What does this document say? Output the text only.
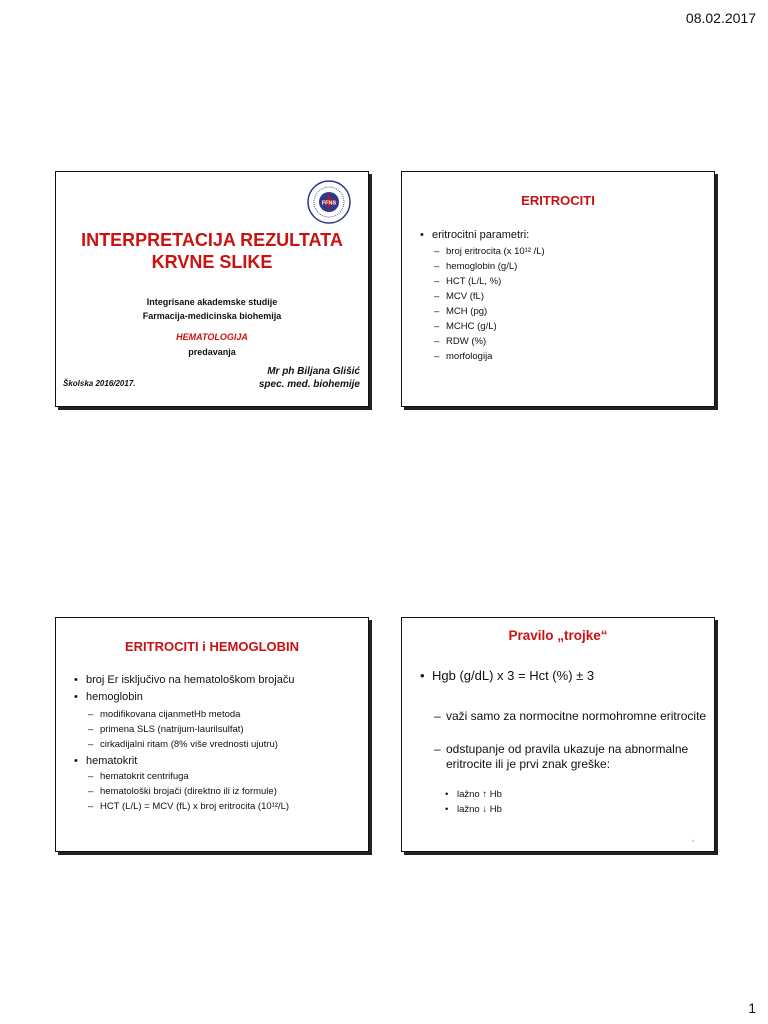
08.02.2017
FFNS
INTERPRETACIJA REZULTATA
KRVNE SLIKE
Integrisane akademske studije
Farmacija-medicinska biohemija
HEMATOLOGIJA
predavanja
Mr ph Biljana Glišić
spec. med. biohemije
Školska 2016/2017.
ERITROCITI
• eritrocitni parametri:
– broj eritrocita (x 10¹² /L)
– hemoglobin (g/L)
– HCT (L/L, %)
– MCV (fL)
– MCH (pg)
– MCHC (g/L)
– RDW (%)
– morfologija
ERITROCITI i HEMOGLOBIN
• broj Er isključivo na hematološkom brojaču
• hemoglobin
– modifikovana cijanmetHb metoda
– primena SLS (natrijum-laurilsulfat)
– cirkadijalni ritam (8% više vrednosti ujutru)
• hematokrit
– hematokrit centrifuga
– hematološki brojači (direktno ili iz formule)
– HCT (L/L) = MCV (fL) x broj eritrocita (10¹²/L)
Pravilo „trojke“
• Hgb (g/dL) x 3 = Hct (%) ± 3
– važi samo za normocitne normohromne eritrocite
– odstupanje od pravila ukazuje na abnormalne
eritrocite ili je prvi znak greške:
• lažno ↑ Hb
• lažno ↓ Hb
4
1
